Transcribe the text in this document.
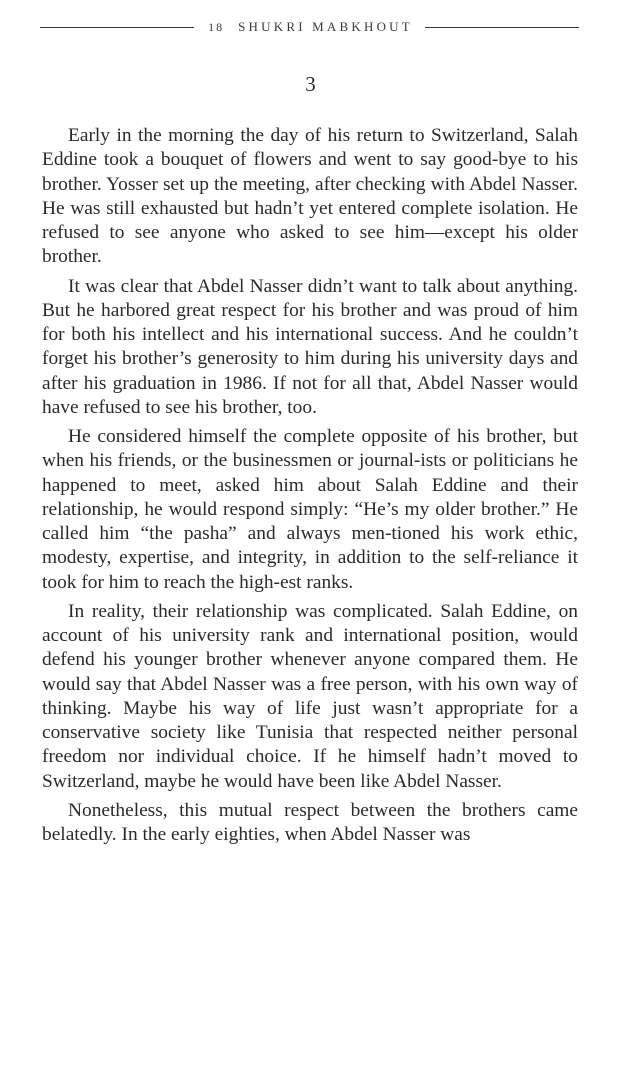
18	SHUKRI MABKHOUT
3

Early in the morning the day of his return to Switzerland, Salah Eddine took a bouquet of flowers and went to say good-bye to his brother. Yosser set up the meeting, after checking with Abdel Nasser. He was still exhausted but hadn’t yet entered complete isolation. He refused to see anyone who asked to see him—except his older brother.

It was clear that Abdel Nasser didn’t want to talk about anything. But he harbored great respect for his brother and was proud of him for both his intellect and his international success. And he couldn’t forget his brother’s generosity to him during his university days and after his graduation in 1986. If not for all that, Abdel Nasser would have refused to see his brother, too.

He considered himself the complete opposite of his brother, but when his friends, or the businessmen or journal-ists or politicians he happened to meet, asked him about Salah Eddine and their relationship, he would respond simply: “He’s my older brother.” He called him “the pasha” and always men-tioned his work ethic, modesty, expertise, and integrity, in addition to the self-reliance it took for him to reach the high-est ranks.

In reality, their relationship was complicated. Salah Eddine, on account of his university rank and international position, would defend his younger brother whenever anyone compared them. He would say that Abdel Nasser was a free person, with his own way of thinking. Maybe his way of life just wasn’t appropriate for a conservative society like Tunisia that respected neither personal freedom nor individual choice. If he himself hadn’t moved to Switzerland, maybe he would have been like Abdel Nasser.

Nonetheless, this mutual respect between the brothers came belatedly. In the early eighties, when Abdel Nasser was
